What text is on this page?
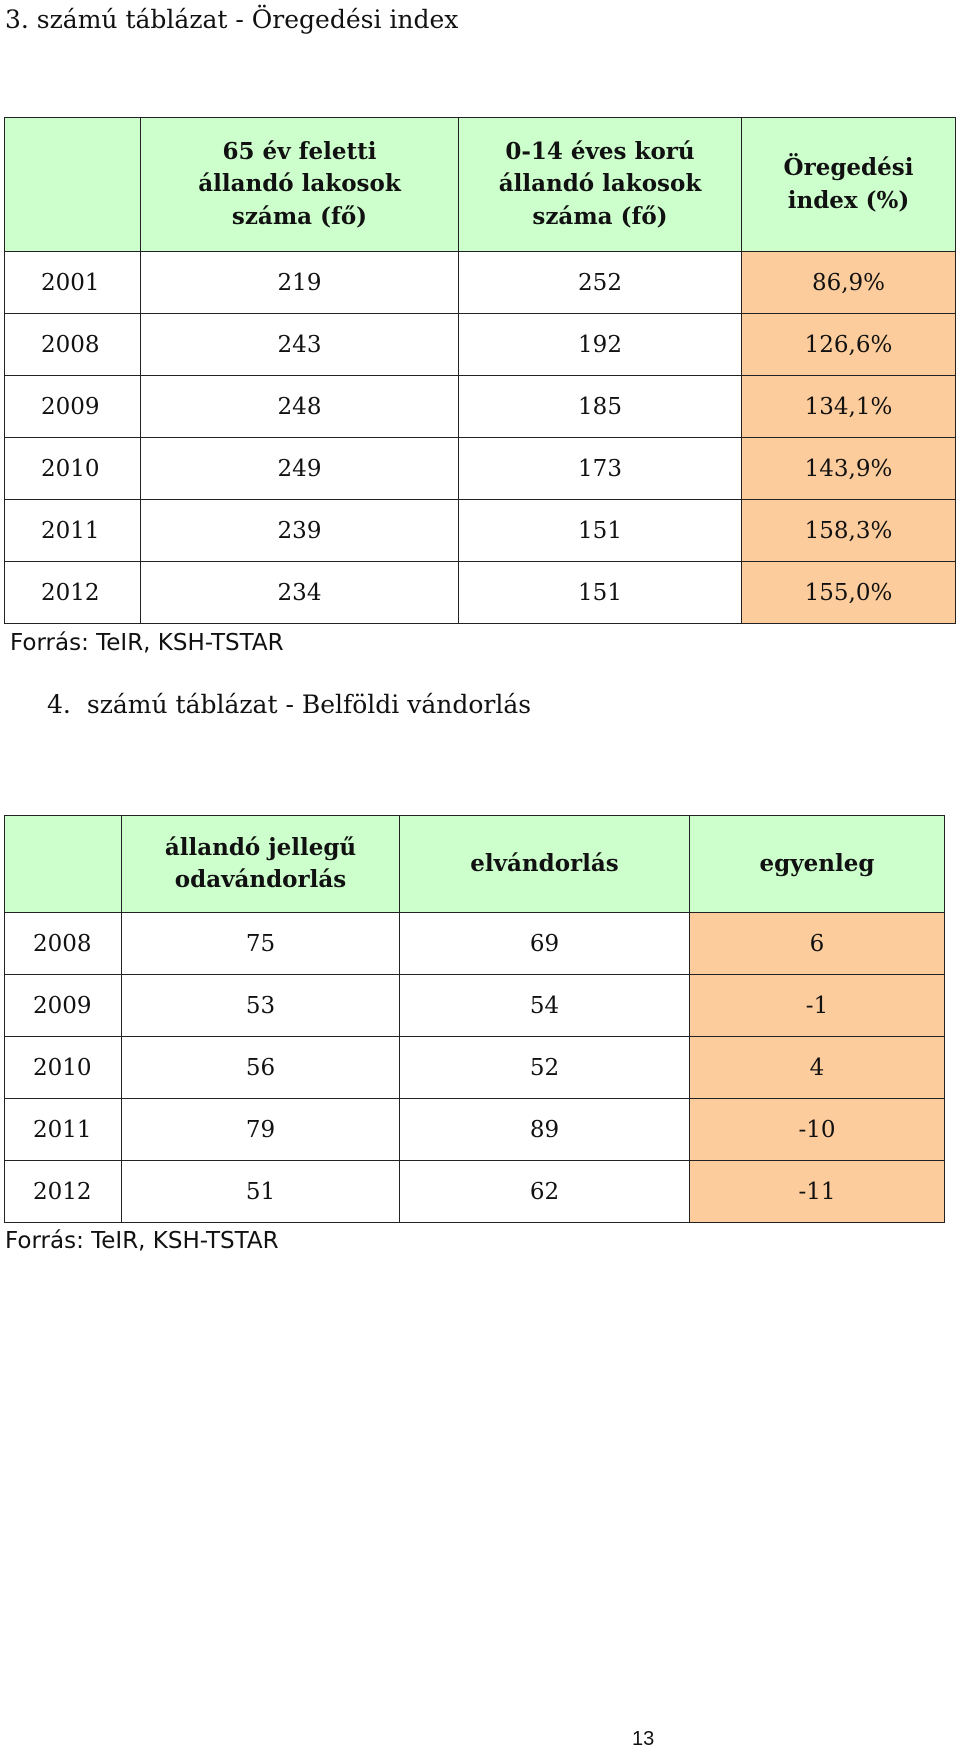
3. számú táblázat - Öregedési index

	65 év feletti állandó lakosok száma (fő)	0-14 éves korú állandó lakosok száma (fő)	Öregedési index (%)

2001	219	252	86,9%
2008	243	192	126,6%
2009	248	185	134,1%
2010	249	173	143,9%
2011	239	151	158,3%
2012	234	151	155,0%
Forrás: TeIR, KSH-TSTAR
4. számú táblázat - Belföldi vándorlás

	állandó jellegű odavándorlás	elvándorlás	egyenleg
2008	75	69	6
2009	53	54	-1
2010	56	52	4
2011	79	89	-10
2012	51	62	-11
Forrás: TeIR, KSH-TSTAR
13
